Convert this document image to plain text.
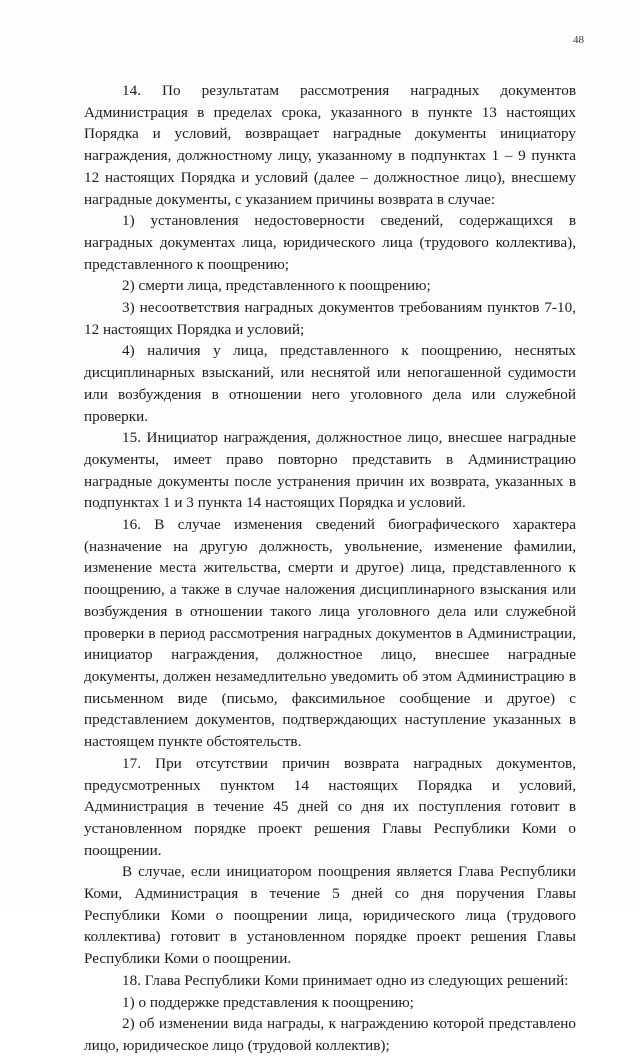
48

14. По результатам рассмотрения наградных документов Администрация в пределах срока, указанного в пункте 13 настоящих Порядка и условий, возвращает наградные документы инициатору награждения, должностному лицу, указанному в подпунктах 1 – 9 пункта 12 настоящих Порядка и условий (далее – должностное лицо), внесшему наградные документы, с указанием причины возврата в случае:

1) установления недостоверности сведений, содержащихся в наградных документах лица, юридического лица (трудового коллектива), представленного к поощрению;

2) смерти лица, представленного к поощрению;

3) несоответствия наградных документов требованиям пунктов 7-10, 12 настоящих Порядка и условий;

4) наличия у лица, представленного к поощрению, неснятых дисциплинарных взысканий, или неснятой или непогашенной судимости или возбуждения в отношении него уголовного дела или служебной проверки.

15. Инициатор награждения, должностное лицо, внесшее наградные документы, имеет право повторно представить в Администрацию наградные документы после устранения причин их возврата, указанных в подпунктах 1 и 3 пункта 14 настоящих Порядка и условий.

16. В случае изменения сведений биографического характера (назначение на другую должность, увольнение, изменение фамилии, изменение места жительства, смерти и другое) лица, представленного к поощрению, а также в случае наложения дисциплинарного взыскания или возбуждения в отношении такого лица уголовного дела или служебной проверки в период рассмотрения наградных документов в Администрации, инициатор награждения, должностное лицо, внесшее наградные документы, должен незамедлительно уведомить об этом Администрацию в письменном виде (письмо, факсимильное сообщение и другое) с представлением документов, подтверждающих наступление указанных в настоящем пункте обстоятельств.

17. При отсутствии причин возврата наградных документов, предусмотренных пунктом 14 настоящих Порядка и условий, Администрация в течение 45 дней со дня их поступления готовит в установленном порядке проект решения Главы Республики Коми о поощрении.

В случае, если инициатором поощрения является Глава Республики Коми, Администрация в течение 5 дней со дня поручения Главы Республики Коми о поощрении лица, юридического лица (трудового коллектива) готовит в установленном порядке проект решения Главы Республики Коми о поощрении.

18. Глава Республики Коми принимает одно из следующих решений:

1) о поддержке представления к поощрению;

2) об изменении вида награды, к награждению которой представлено лицо, юридическое лицо (трудовой коллектив);
